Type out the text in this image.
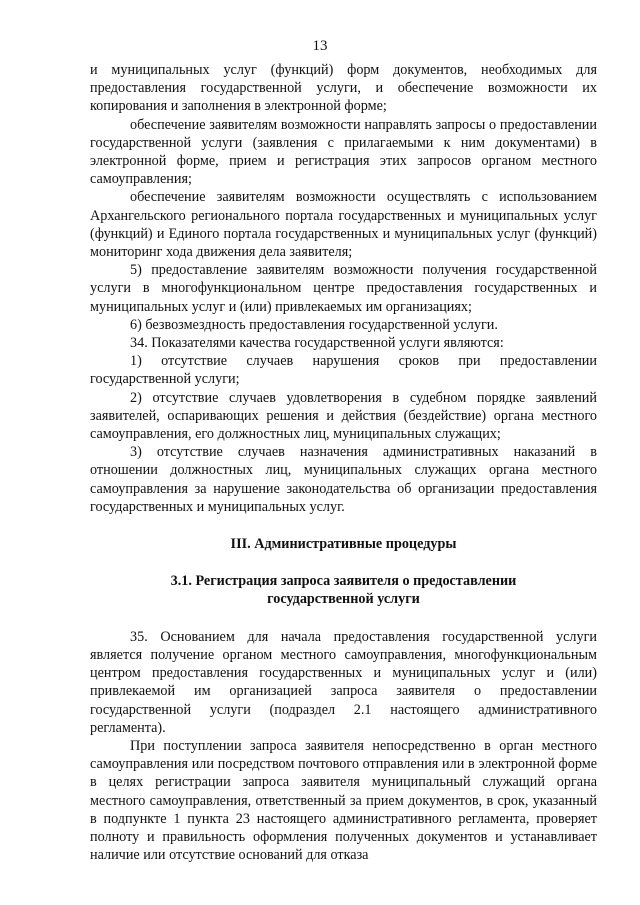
13

и муниципальных услуг (функций) форм документов, необходимых для предоставления государственной услуги, и обеспечение возможности их копирования и заполнения в электронной форме;

обеспечение заявителям возможности направлять запросы о предоставлении государственной услуги (заявления с прилагаемыми к ним документами) в электронной форме, прием и регистрация этих запросов органом местного самоуправления;

обеспечение заявителям возможности осуществлять с использованием Архангельского регионального портала государственных и муниципальных услуг (функций) и Единого портала государственных и муниципальных услуг (функций) мониторинг хода движения дела заявителя;

5) предоставление заявителям возможности получения государственной услуги в многофункциональном центре предоставления государственных и муниципальных услуг и (или) привлекаемых им организациях;

6) безвозмездность предоставления государственной услуги.

34. Показателями качества государственной услуги являются:

1) отсутствие случаев нарушения сроков при предоставлении государственной услуги;

2) отсутствие случаев удовлетворения в судебном порядке заявлений заявителей, оспаривающих решения и действия (бездействие) органа местного самоуправления, его должностных лиц, муниципальных служащих;

3) отсутствие случаев назначения административных наказаний в отношении должностных лиц, муниципальных служащих органа местного самоуправления за нарушение законодательства об организации предоставления государственных и муниципальных услуг.

III. Административные процедуры
3.1. Регистрация запроса заявителя о предоставлении
государственной услуги

35. Основанием для начала предоставления государственной услуги является получение органом местного самоуправления, многофункциональным центром предоставления государственных и муниципальных услуг и (или) привлекаемой им организацией запроса заявителя о предоставлении государственной услуги (подраздел 2.1 настоящего административного регламента).

При поступлении запроса заявителя непосредственно в орган местного самоуправления или посредством почтового отправления или в электронной форме в целях регистрации запроса заявителя муниципальный служащий органа местного самоуправления, ответственный за прием документов, в срок, указанный в подпункте 1 пункта 23 настоящего административного регламента, проверяет полноту и правильность оформления полученных документов и устанавливает наличие или отсутствие оснований для отказа
